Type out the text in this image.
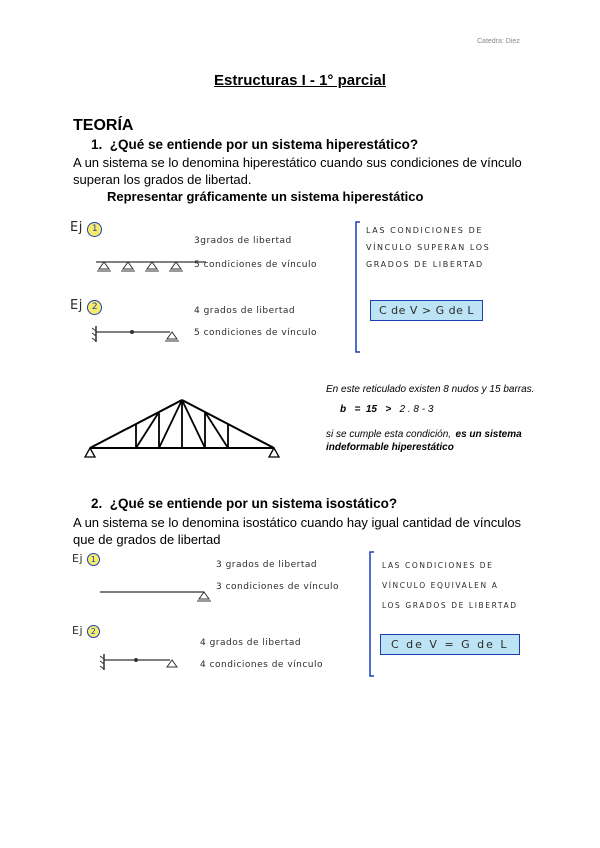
Catedra: Diez
Estructuras I - 1° parcial
TEORÍA
1. ¿Qué se entiende por un sistema hiperestático?
A un sistema se lo denomina hiperestático cuando sus condiciones de vínculo
superan los grados de libertad.
Representar gráficamente un sistema hiperestático
Ej 1
3grados de libertad
5 condiciones de vínculo
Ej 2	4 grados de libertad
5 condiciones de vínculo
LAS CONDICIONES DE
VÍNCULO SUPERAN LOS
GRADOS DE LIBERTAD
C de V > G de L
En este reticulado existen 8 nudos y 15 barras.
b = 15 > 2 . 8 - 3
si se cumple esta condición, es un sistema
indeformable hiperestático
2. ¿Qué se entiende por un sistema isostático?
A un sistema se lo denomina isostático cuando hay igual cantidad de vínculos
que de grados de libertad
Ej 1
3 grados de libertad
3 condiciones de vínculo
Ej 2
4 grados de libertad
4 condiciones de vínculo
LAS CONDICIONES DE
VÍNCULO EQUIVALEN A
LOS GRADOS DE LIBERTAD
C de V = G de L
